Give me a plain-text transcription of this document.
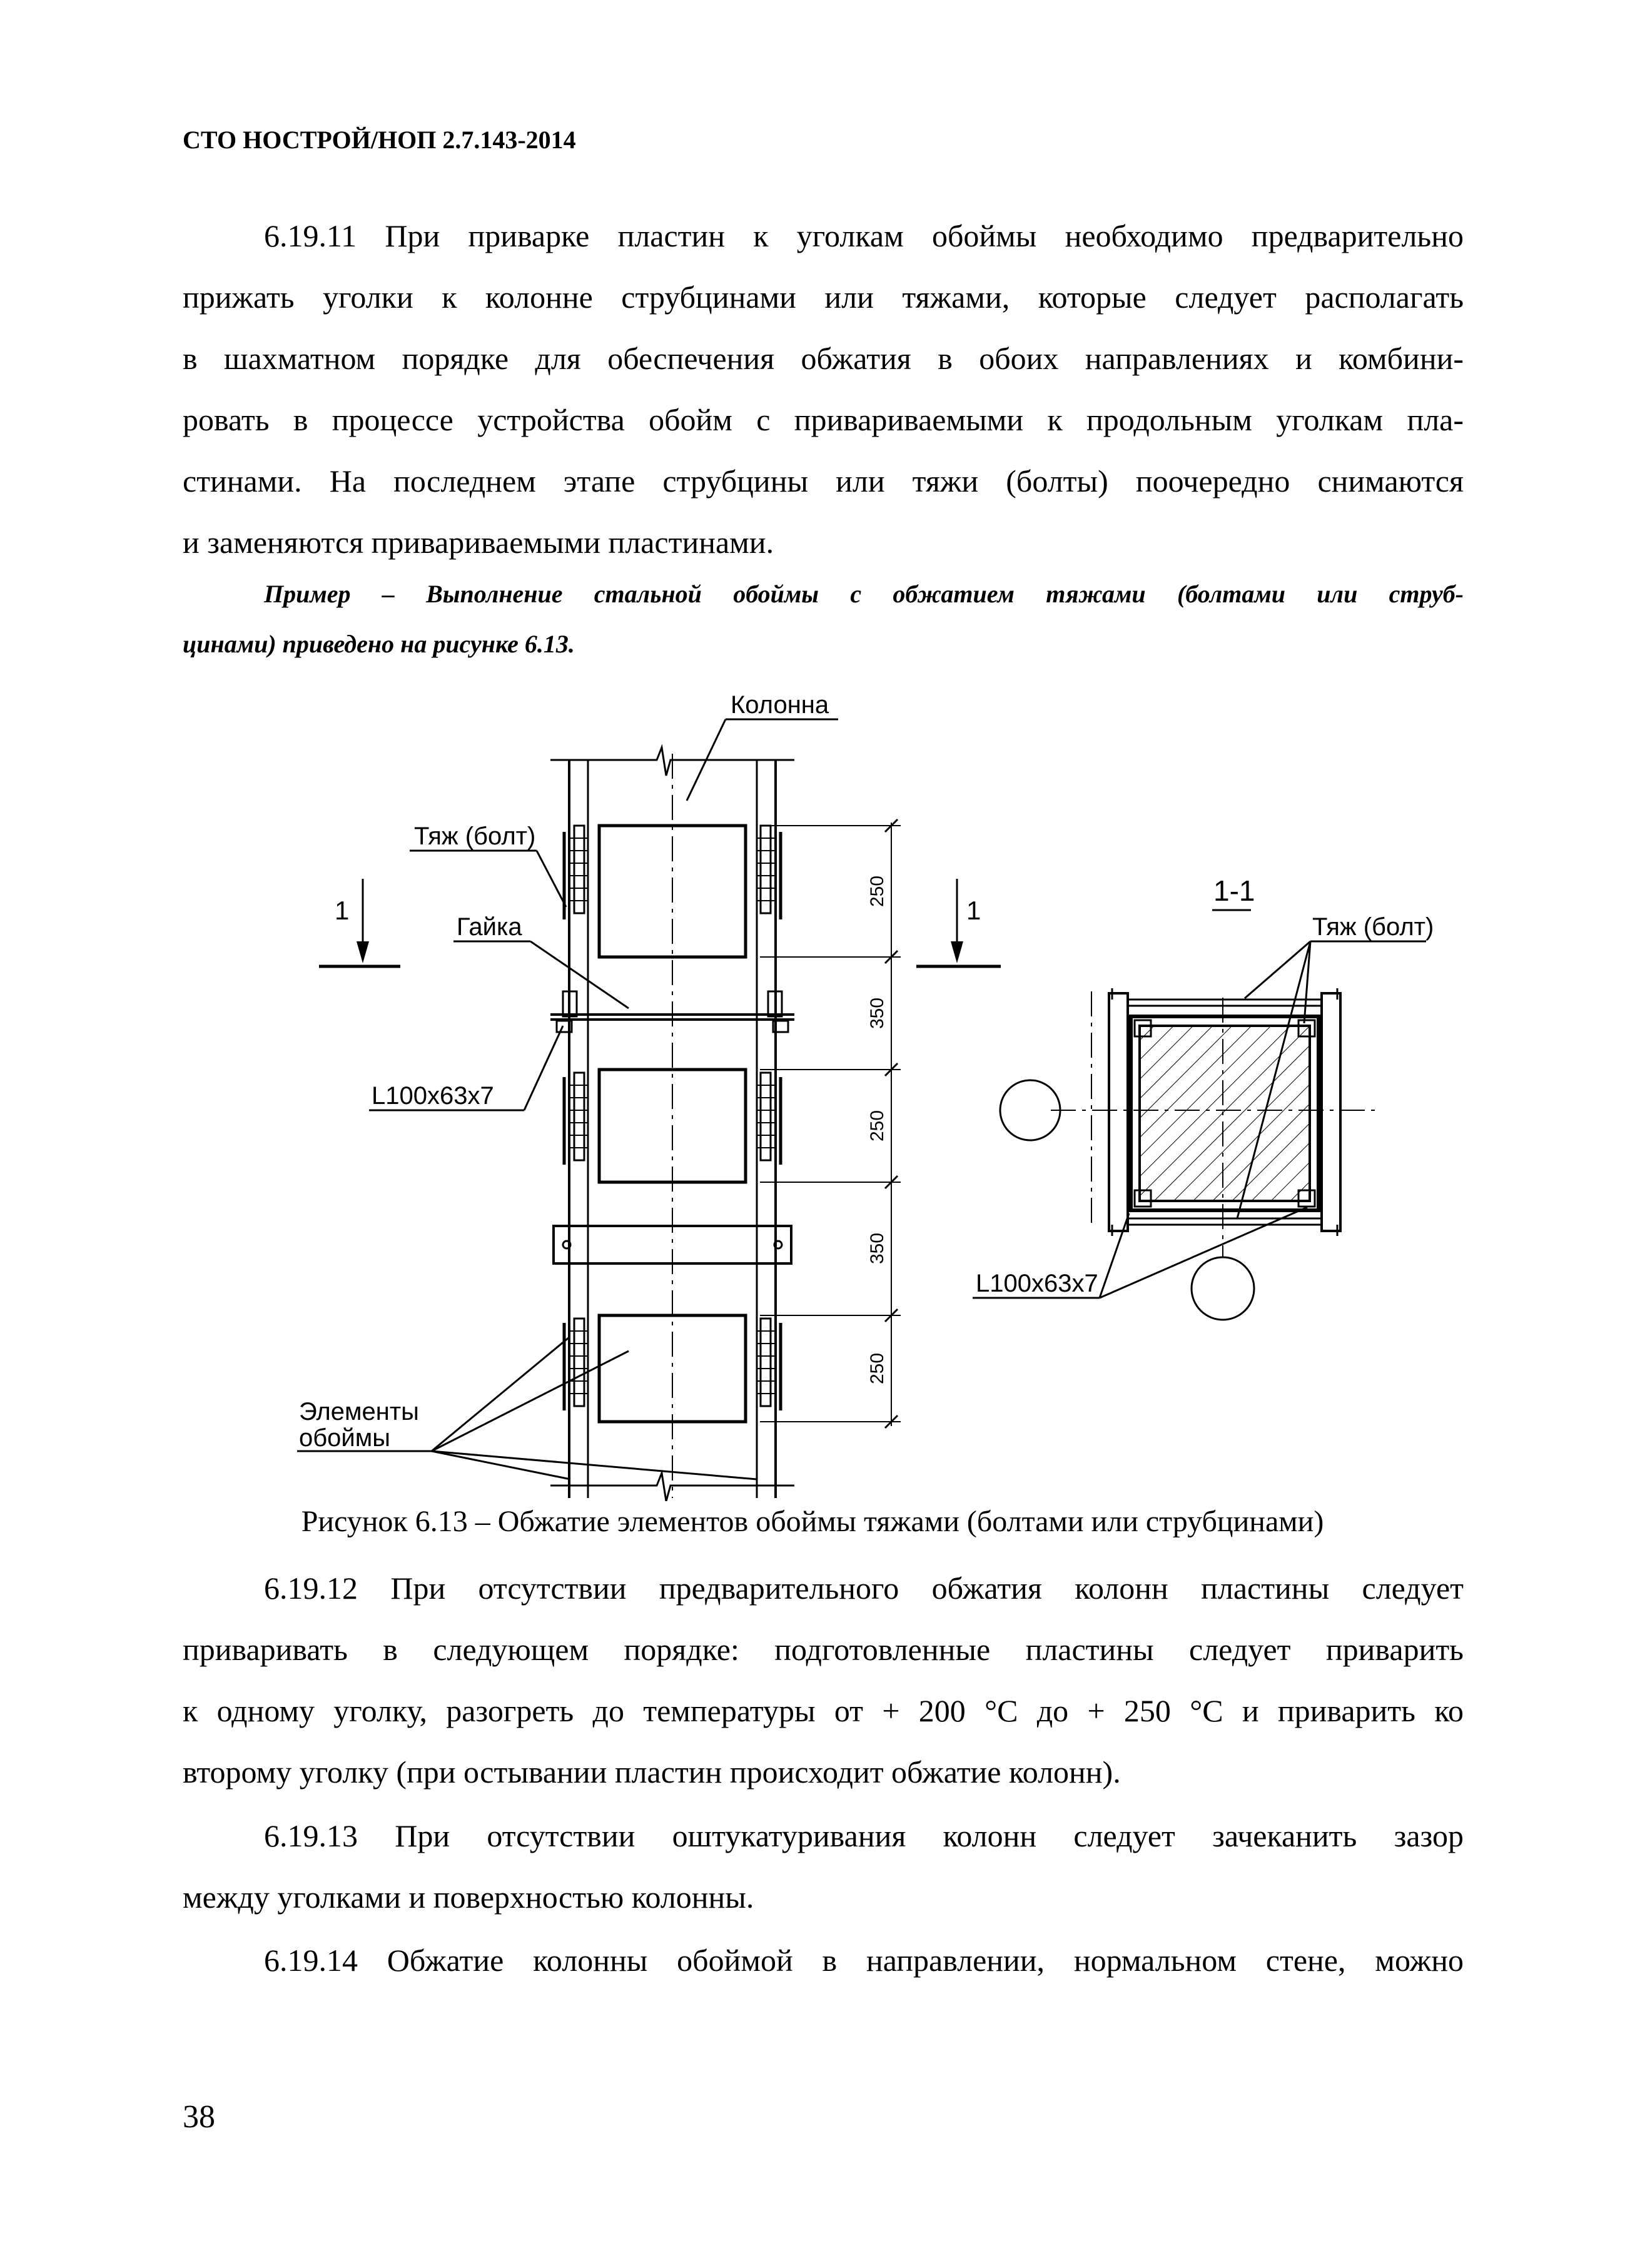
СТО НОСТРОЙ/НОП 2.7.143-2014
6.19.11 При приварке пластин к уголкам обоймы необходимо предварительно
прижать уголки к колонне струбцинами или тяжами, которые следует располагать
в шахматном порядке для обеспечения обжатия в обоих направлениях и комбини-
ровать в процессе устройства обойм с привариваемыми к продольным уголкам пла-
стинами. На последнем этапе струбцины или тяжи (болты) поочередно снимаются
и заменяются привариваемыми пластинами.
Пример – Выполнение стальной обоймы с обжатием тяжами (болтами или струб-
цинами) приведено на рисунке 6.13.
250
350
250
350
250
Колонна
Тяж (болт)
Гайка
L100x63x7
Элементы
обоймы
1	1
1-1
Тяж (болт)
L100x63x7
Рисунок 6.13 – Обжатие элементов обоймы тяжами (болтами или струбцинами)
6.19.12 При отсутствии предварительного обжатия колонн пластины следует
приваривать в следующем порядке: подготовленные пластины следует приварить
к одному уголку, разогреть до температуры от + 200 °С до + 250 °С и приварить ко
второму уголку (при остывании пластин происходит обжатие колонн).
6.19.13 При отсутствии оштукатуривания колонн следует зачеканить зазор
между уголками и поверхностью колонны.
6.19.14 Обжатие колонны обоймой в направлении, нормальном стене, можно
38
